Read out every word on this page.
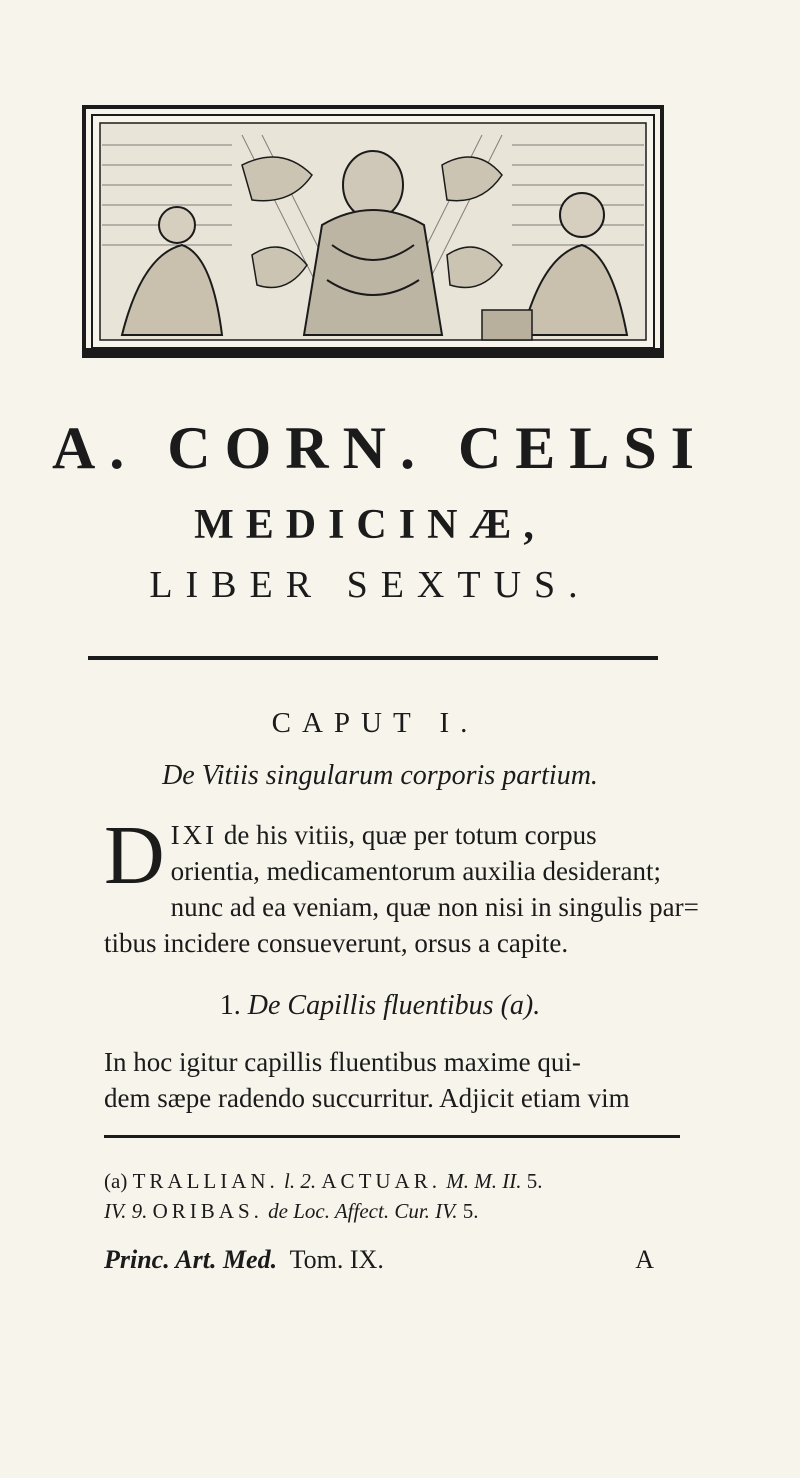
A. CORN. CELSI
MEDICINÆ,
LIBER SEXTUS.
CAPUT I.
De Vitiis singularum corporis partium.
D IXI de his vitiis, quæ per totum corpus
orientia, medicamentorum auxilia desiderant;
nunc ad ea veniam, quæ non nisi in singulis par=
tibus incidere consueverunt, orsus a capite.
1. De Capillis fluentibus (a).
In hoc igitur capillis fluentibus maxime qui-
dem sæpe radendo succurritur. Adjicit etiam vim
(a) TRALLIAN. l. 2. ACTUAR. M. M. II. 5.
IV. 9. ORIBAS. de Loc. Affect. Cur. IV. 5.
Princ. Art. Med. Tom. IX.	A
